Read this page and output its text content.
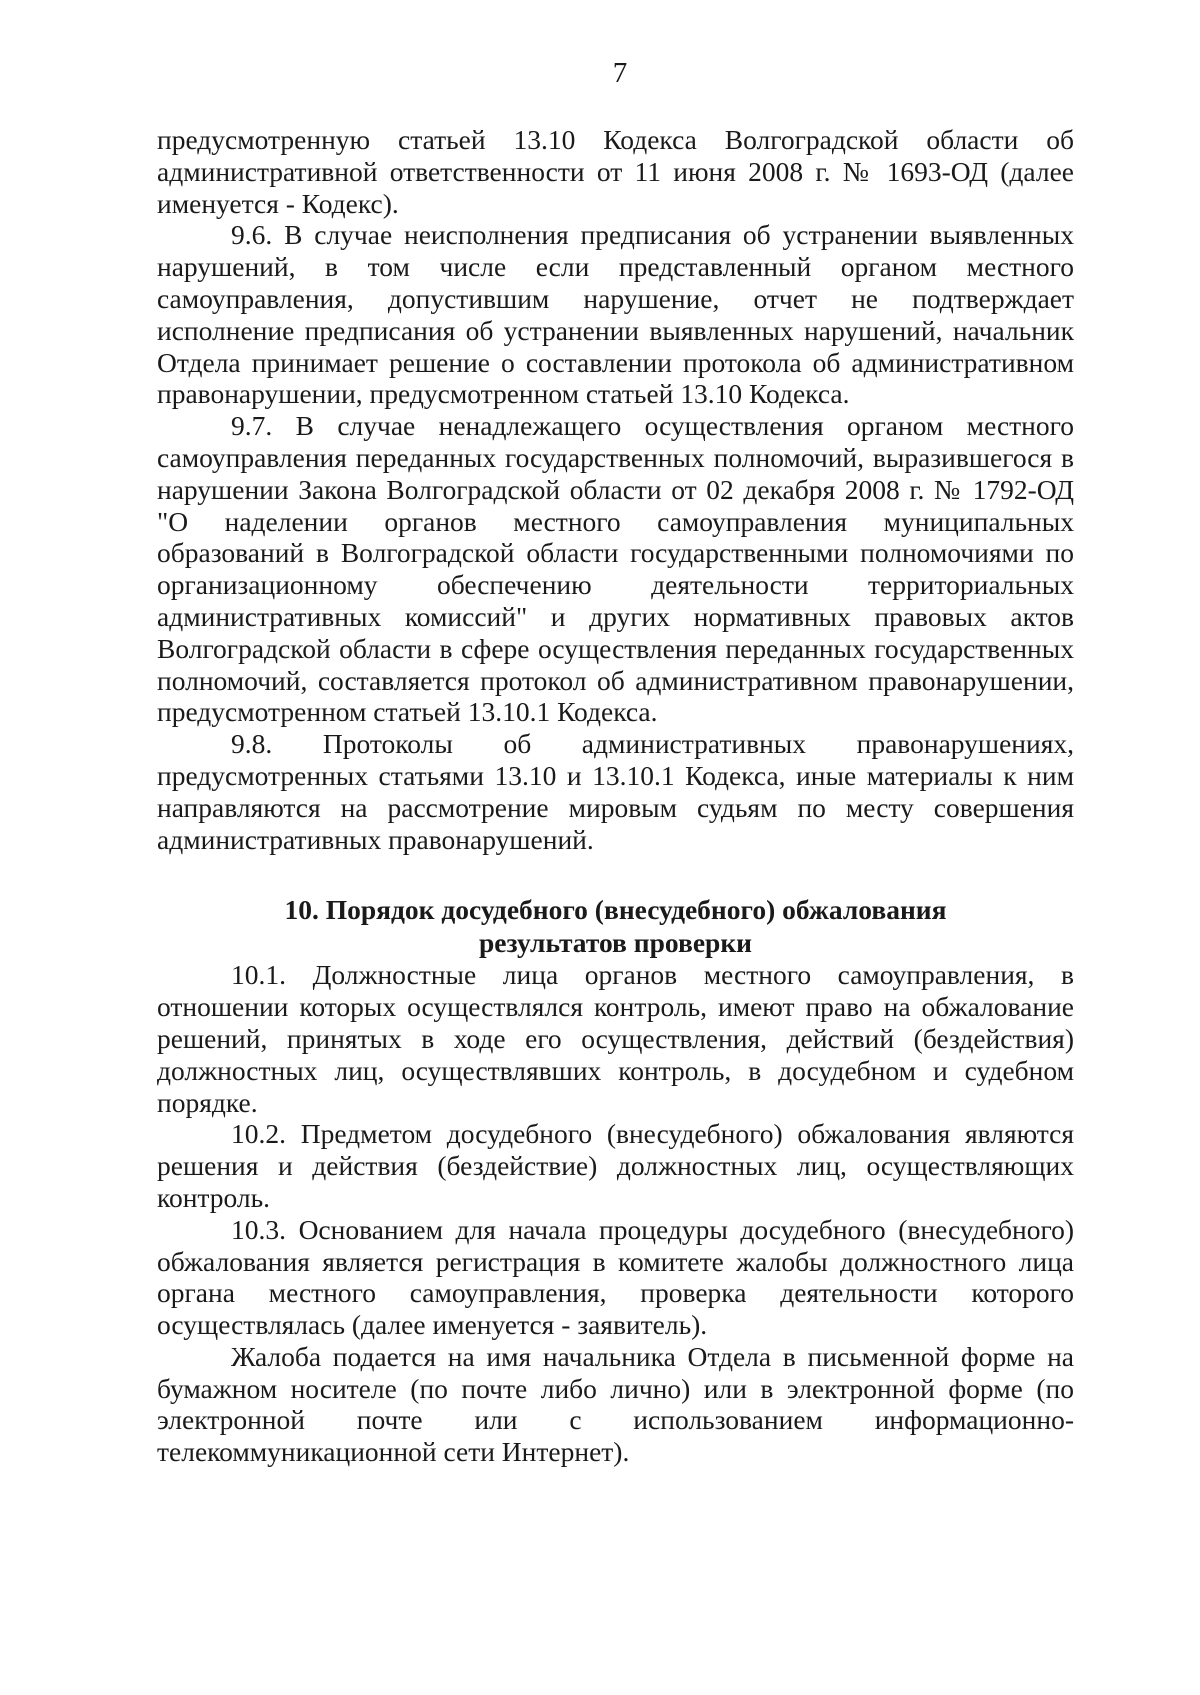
7

предусмотренную статьей 13.10 Кодекса Волгоградской области об административной ответственности от 11 июня 2008 г. № 1693-ОД (далее именуется - Кодекс).

9.6. В случае неисполнения предписания об устранении выявленных нарушений, в том числе если представленный органом местного самоуправления, допустившим нарушение, отчет не подтверждает исполнение предписания об устранении выявленных нарушений, начальник Отдела принимает решение о составлении протокола об административном правонарушении, предусмотренном статьей 13.10 Кодекса.

9.7. В случае ненадлежащего осуществления органом местного самоуправления переданных государственных полномочий, выразившегося в нарушении Закона Волгоградской области от 02 декабря 2008 г. № 1792-ОД "О наделении органов местного самоуправления муниципальных образований в Волгоградской области государственными полномочиями по организационному обеспечению деятельности территориальных административных комиссий" и других нормативных правовых актов Волгоградской области в сфере осуществления переданных государственных полномочий, составляется протокол об административном правонарушении, предусмотренном статьей 13.10.1 Кодекса.

9.8. Протоколы об административных правонарушениях, предусмотренных статьями 13.10 и 13.10.1 Кодекса, иные материалы к ним направляются на рассмотрение мировым судьям по месту совершения административных правонарушений.

10. Порядок досудебного (внесудебного) обжалования
результатов проверки

10.1. Должностные лица органов местного самоуправления, в отношении которых осуществлялся контроль, имеют право на обжалование решений, принятых в ходе его осуществления, действий (бездействия) должностных лиц, осуществлявших контроль, в досудебном и судебном порядке.

10.2. Предметом досудебного (внесудебного) обжалования являются решения и действия (бездействие) должностных лиц, осуществляющих контроль.

10.3. Основанием для начала процедуры досудебного (внесудебного) обжалования является регистрация в комитете жалобы должностного лица органа местного самоуправления, проверка деятельности которого осуществлялась (далее именуется - заявитель).

Жалоба подается на имя начальника Отдела в письменной форме на бумажном носителе (по почте либо лично) или в электронной форме (по электронной почте или с использованием информационно-телекоммуникационной сети Интернет).
